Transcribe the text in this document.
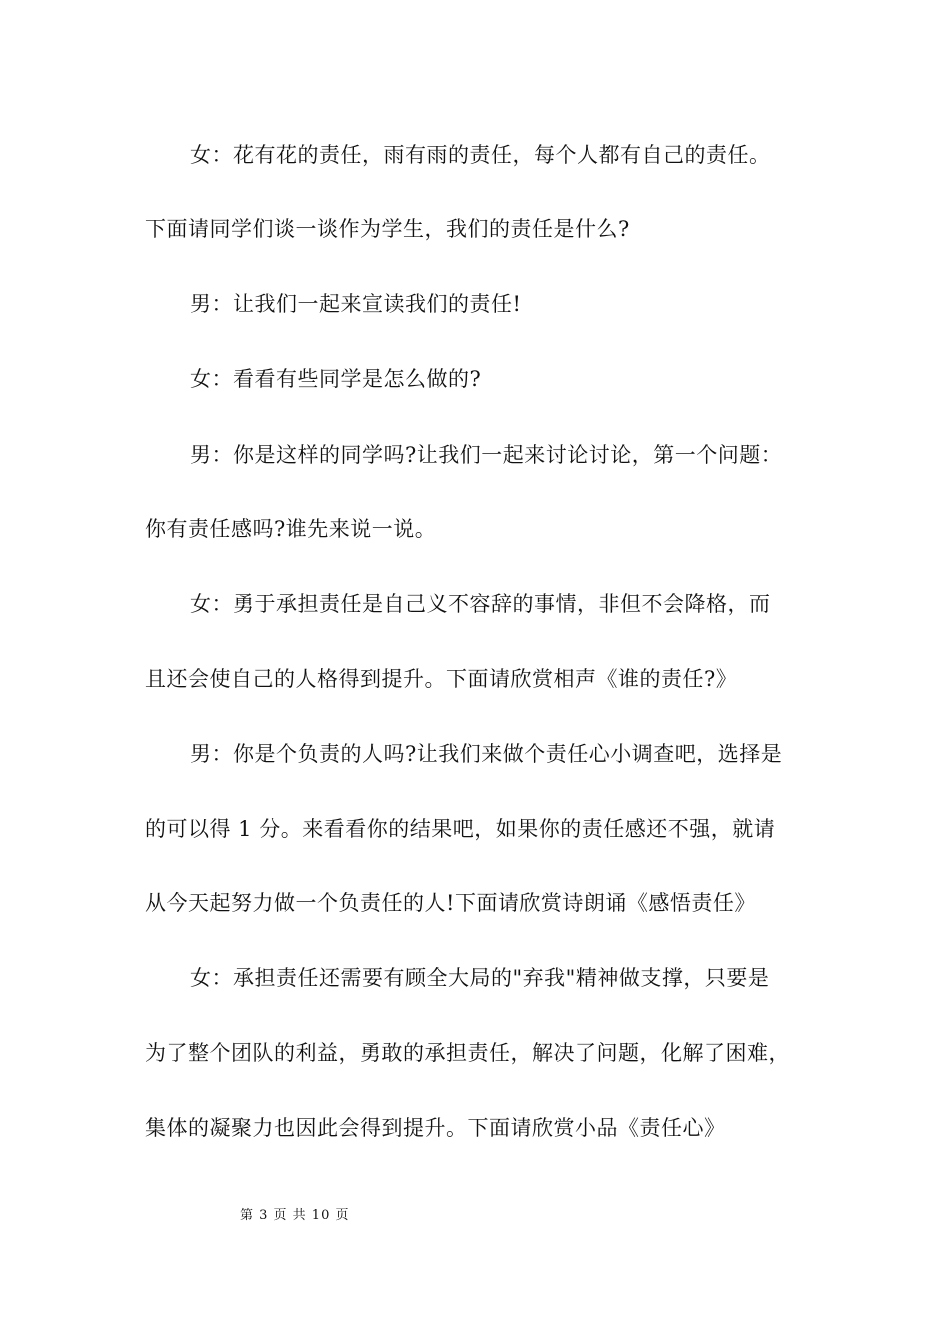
女：花有花的责任，雨有雨的责任，每个人都有自己的责任。
下面请同学们谈一谈作为学生，我们的责任是什么?
男：让我们一起来宣读我们的责任!
女：看看有些同学是怎么做的?
男：你是这样的同学吗?让我们一起来讨论讨论，第一个问题：
你有责任感吗?谁先来说一说。
女：勇于承担责任是自己义不容辞的事情，非但不会降格，而
且还会使自己的人格得到提升。下面请欣赏相声《谁的责任?》
男：你是个负责的人吗?让我们来做个责任心小调查吧，选择是
的可以得 1 分。来看看你的结果吧，如果你的责任感还不强，就请
从今天起努力做一个负责任的人!下面请欣赏诗朗诵《感悟责任》
女：承担责任还需要有顾全大局的"弃我"精神做支撑，只要是
为了整个团队的利益，勇敢的承担责任，解决了问题，化解了困难，
集体的凝聚力也因此会得到提升。下面请欣赏小品《责任心》
第 3 页 共 10 页
